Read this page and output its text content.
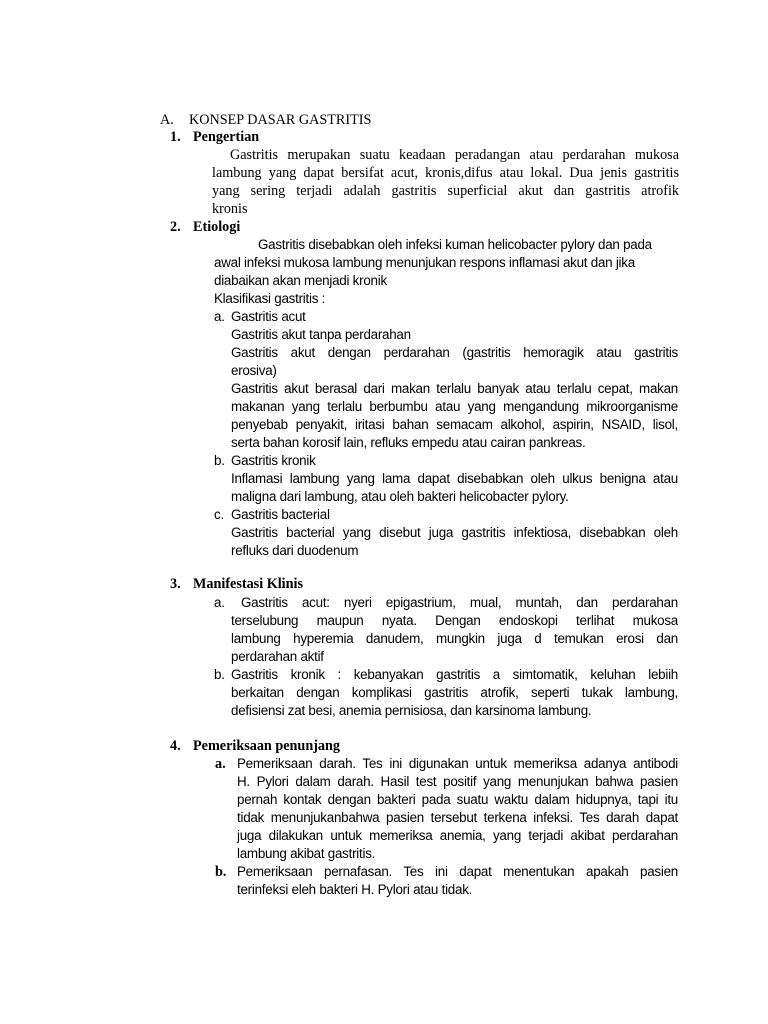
A. KONSEP DASAR GASTRITIS
1. Pengertian
Gastritis merupakan suatu keadaan peradangan atau perdarahan mukosa
lambung yang dapat bersifat acut, kronis,difus atau lokal. Dua jenis gastritis
yang sering terjadi adalah gastritis superficial akut dan gastritis atrofik
kronis
2. Etiologi
Gastritis disebabkan oleh infeksi kuman helicobacter pylory dan pada
awal infeksi mukosa lambung menunjukan respons inflamasi akut dan jika
diabaikan akan menjadi kronik
Klasifikasi gastritis :
a. Gastritis acut
Gastritis akut tanpa perdarahan
Gastritis akut dengan perdarahan (gastritis hemoragik atau gastritis
erosiva)
Gastritis akut berasal dari makan terlalu banyak atau terlalu cepat, makan
makanan yang terlalu berbumbu atau yang mengandung mikroorganisme
penyebab penyakit, iritasi bahan semacam alkohol, aspirin, NSAID, lisol,
serta bahan korosif lain, refluks empedu atau cairan pankreas.
b. Gastritis kronik
Inflamasi lambung yang lama dapat disebabkan oleh ulkus benigna atau
maligna dari lambung, atau oleh bakteri helicobacter pylory.
c. Gastritis bacterial
Gastritis bacterial yang disebut juga gastritis infektiosa, disebabkan oleh
refluks dari duodenum
3. Manifestasi Klinis
a. Gastritis acut: nyeri epigastrium, mual, muntah, dan perdarahan
terselubung maupun nyata. Dengan endoskopi terlihat mukosa
lambung hyperemia danudem, mungkin juga d temukan erosi dan
perdarahan aktif
b. Gastritis kronik : kebanyakan gastritis a simtomatik, keluhan lebiih
berkaitan dengan komplikasi gastritis atrofik, seperti tukak lambung,
defisiensi zat besi, anemia pernisiosa, dan karsinoma lambung.
4. Pemeriksaan penunjang
a. Pemeriksaan darah. Tes ini digunakan untuk memeriksa adanya antibodi
H. Pylori dalam darah. Hasil test positif yang menunjukan bahwa pasien
pernah kontak dengan bakteri pada suatu waktu dalam hidupnya, tapi itu
tidak menunjukanbahwa pasien tersebut terkena infeksi. Tes darah dapat
juga dilakukan untuk memeriksa anemia, yang terjadi akibat perdarahan
lambung akibat gastritis.
b. Pemeriksaan pernafasan. Tes ini dapat menentukan apakah pasien
terinfeksi eleh bakteri H. Pylori atau tidak.
